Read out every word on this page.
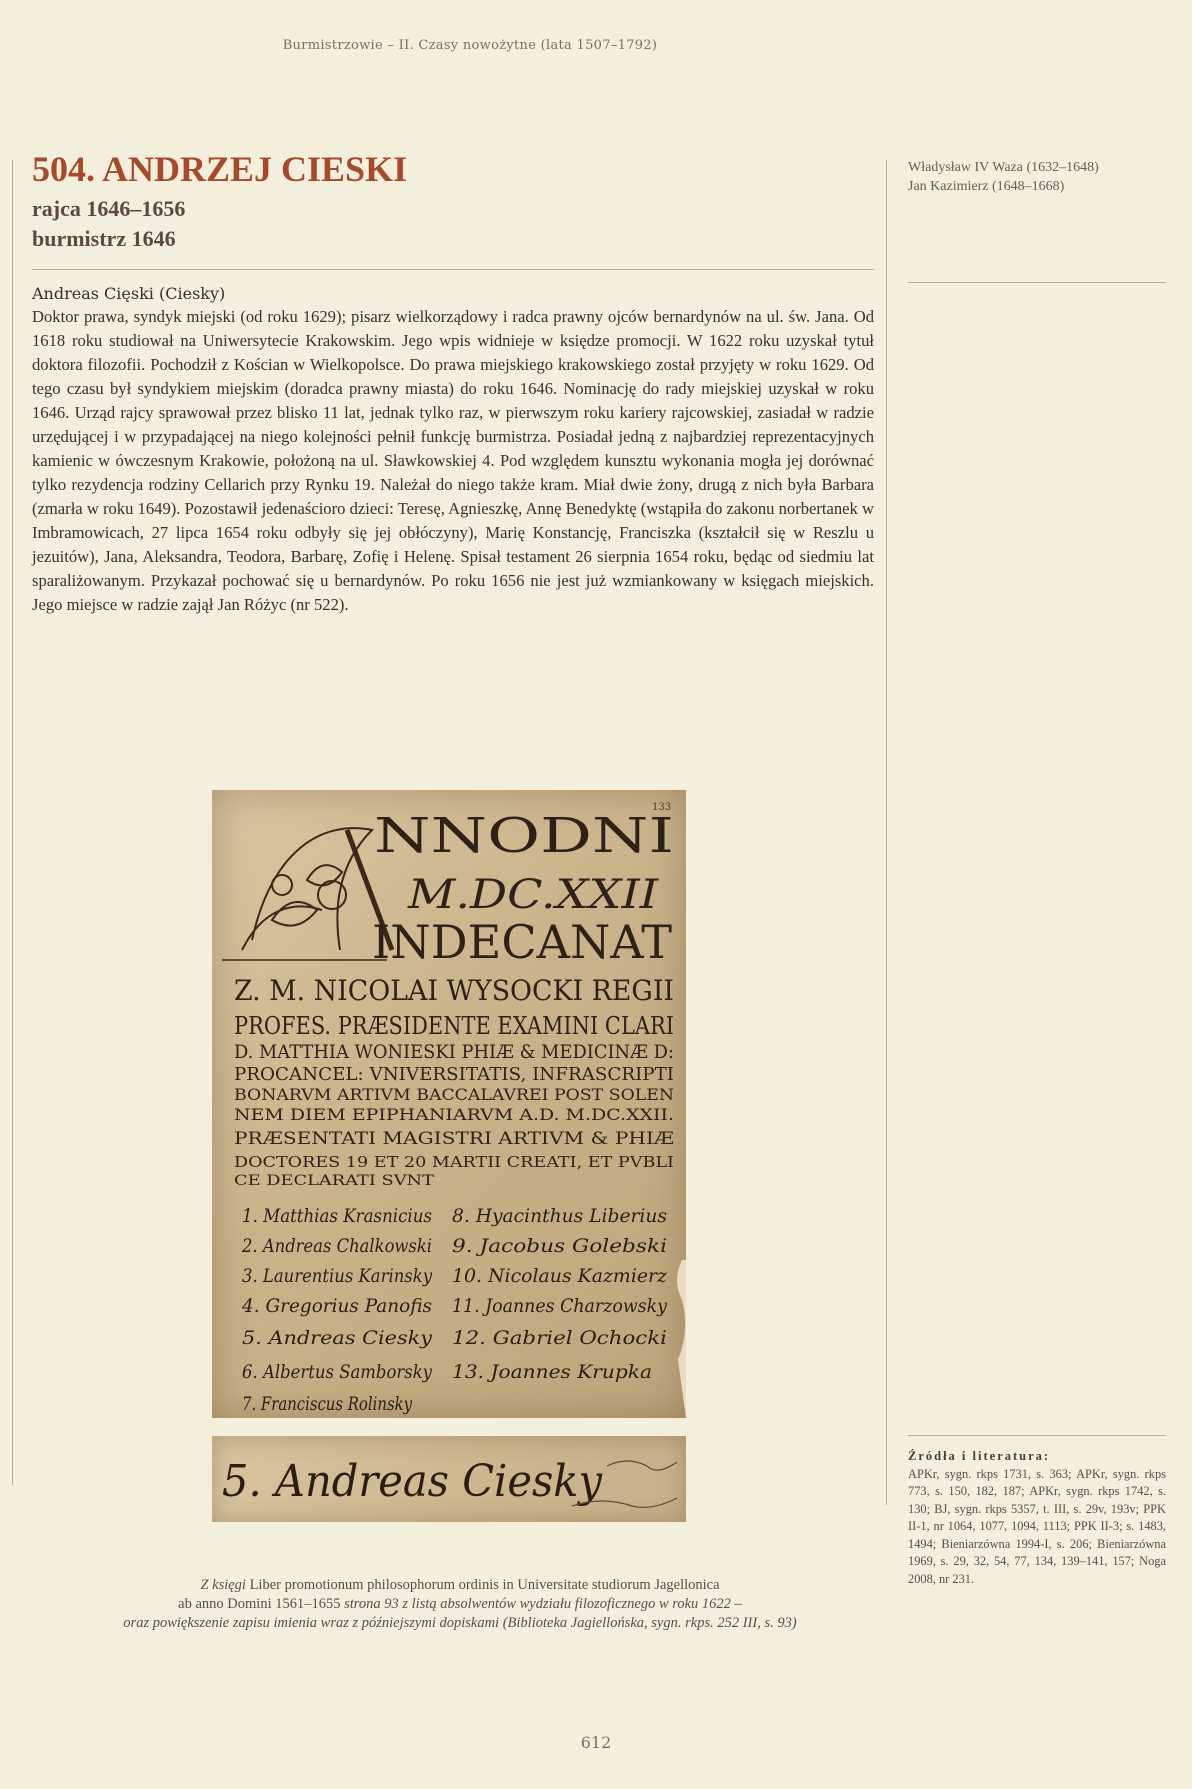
Burmistrzowie – II. Czasy nowożytne (lata 1507–1792)
504. ANDRZEJ CIESKI
rajca 1646–1656
burmistrz 1646
Andreas Cięski (Ciesky)

Doktor prawa, syndyk miejski (od roku 1629); pisarz wielkorządowy i radca prawny ojców bernardynów na ul. św. Jana. Od 1618 roku studiował na Uniwersytecie Krakowskim. Jego wpis widnieje w księdze promocji. W 1622 roku uzyskał tytuł doktora filozofii. Pochodził z Kościan w Wielkopolsce. Do prawa miejskiego krakowskiego został przyjęty w roku 1629. Od tego czasu był syndykiem miejskim (doradca prawny miasta) do roku 1646. Nominację do rady miejskiej uzyskał w roku 1646. Urząd rajcy sprawował przez blisko 11 lat, jednak tylko raz, w pierwszym roku kariery rajcowskiej, zasiadał w radzie urzędującej i w przypadającej na niego kolejności pełnił funkcję burmistrza. Posiadał jedną z najbardziej reprezentacyjnych kamienic w ówczesnym Krakowie, położoną na ul. Sławkowskiej 4. Pod względem kunsztu wykonania mogła jej dorównać tylko rezydencja rodziny Cellarich przy Rynku 19. Należał do niego także kram. Miał dwie żony, drugą z nich była Barbara (zmarła w roku 1649). Pozostawił jedenaścioro dzieci: Teresę, Agnieszkę, Annę Benedyktę (wstąpiła do zakonu norbertanek w Imbramowicach, 27 lipca 1654 roku odbyły się jej obłóczyny), Marię Konstancję, Franciszka (kształcił się w Reszlu u jezuitów), Jana, Aleksandra, Teodora, Barbarę, Zofię i Helenę. Spisał testament 26 sierpnia 1654 roku, będąc od siedmiu lat sparaliżowanym. Przykazał pochować się u bernardynów. Po roku 1656 nie jest już wzmiankowany w księgach miejskich. Jego miejsce w radzie zajął Jan Różyc (nr 522).

Władysław IV Waza (1632–1648)
Jan Kazimierz (1648–1668)
133
NNODNI
M.DC.XXII
INDECANAT
Z. M. NICOLAI WYSOCKI REGII
PROFES. PRÆSIDENTE EXAMINI CLARI
D. MATTHIA WONIESKI PHIÆ & MEDICINÆ D:
PROCANCEL: VNIVERSITATIS, INFRASCRIPTI
BONARVM ARTIVM BACCALAVREI POST SOLEN
NEM DIEM EPIPHANIARVM A.D. M.DC.XXII.
PRÆSENTATI MAGISTRI ARTIVM & PHIÆ
DOCTORES 19 ET 20 MARTII CREATI, ET PVBLI
CE DECLARATI SVNT
1. Matthias Krasnicius
2. Andreas Chalkowski
3. Laurentius Karinsky
4. Gregorius Panofis
5. Andreas Ciesky
6. Albertus Samborsky
7. Franciscus Rolinsky
8. Hyacinthus Liberius
9. Jacobus Golebski
10. Nicolaus Kazmierz
11. Joannes Charzowsky
12. Gabriel Ochocki
13. Joannes Krupka
5. Andreas Ciesky
Z księgi Liber promotionum philosophorum ordinis in Universitate studiorum Jagellonica
ab anno Domini 1561–1655 strona 93 z listą absolwentów wydziału filozoficznego w roku 1622 –
oraz powiększenie zapisu imienia wraz z późniejszymi dopiskami (Biblioteka Jagiellońska, sygn. rkps. 252 III, s. 93)
Źródła i literatura:
APKr, sygn. rkps 1731, s. 363; APKr, sygn. rkps 773, s. 150, 182, 187; APKr, sygn. rkps 1742, s. 130; BJ, sygn. rkps 5357, t. III, s. 29v, 193v; PPK II-1, nr 1064, 1077, 1094, 1113; PPK II-3; s. 1483, 1494; Bieniarzówna 1994-I, s. 206; Bieniarzówna 1969, s. 29, 32, 54, 77, 134, 139–141, 157; Noga 2008, nr 231.
612
